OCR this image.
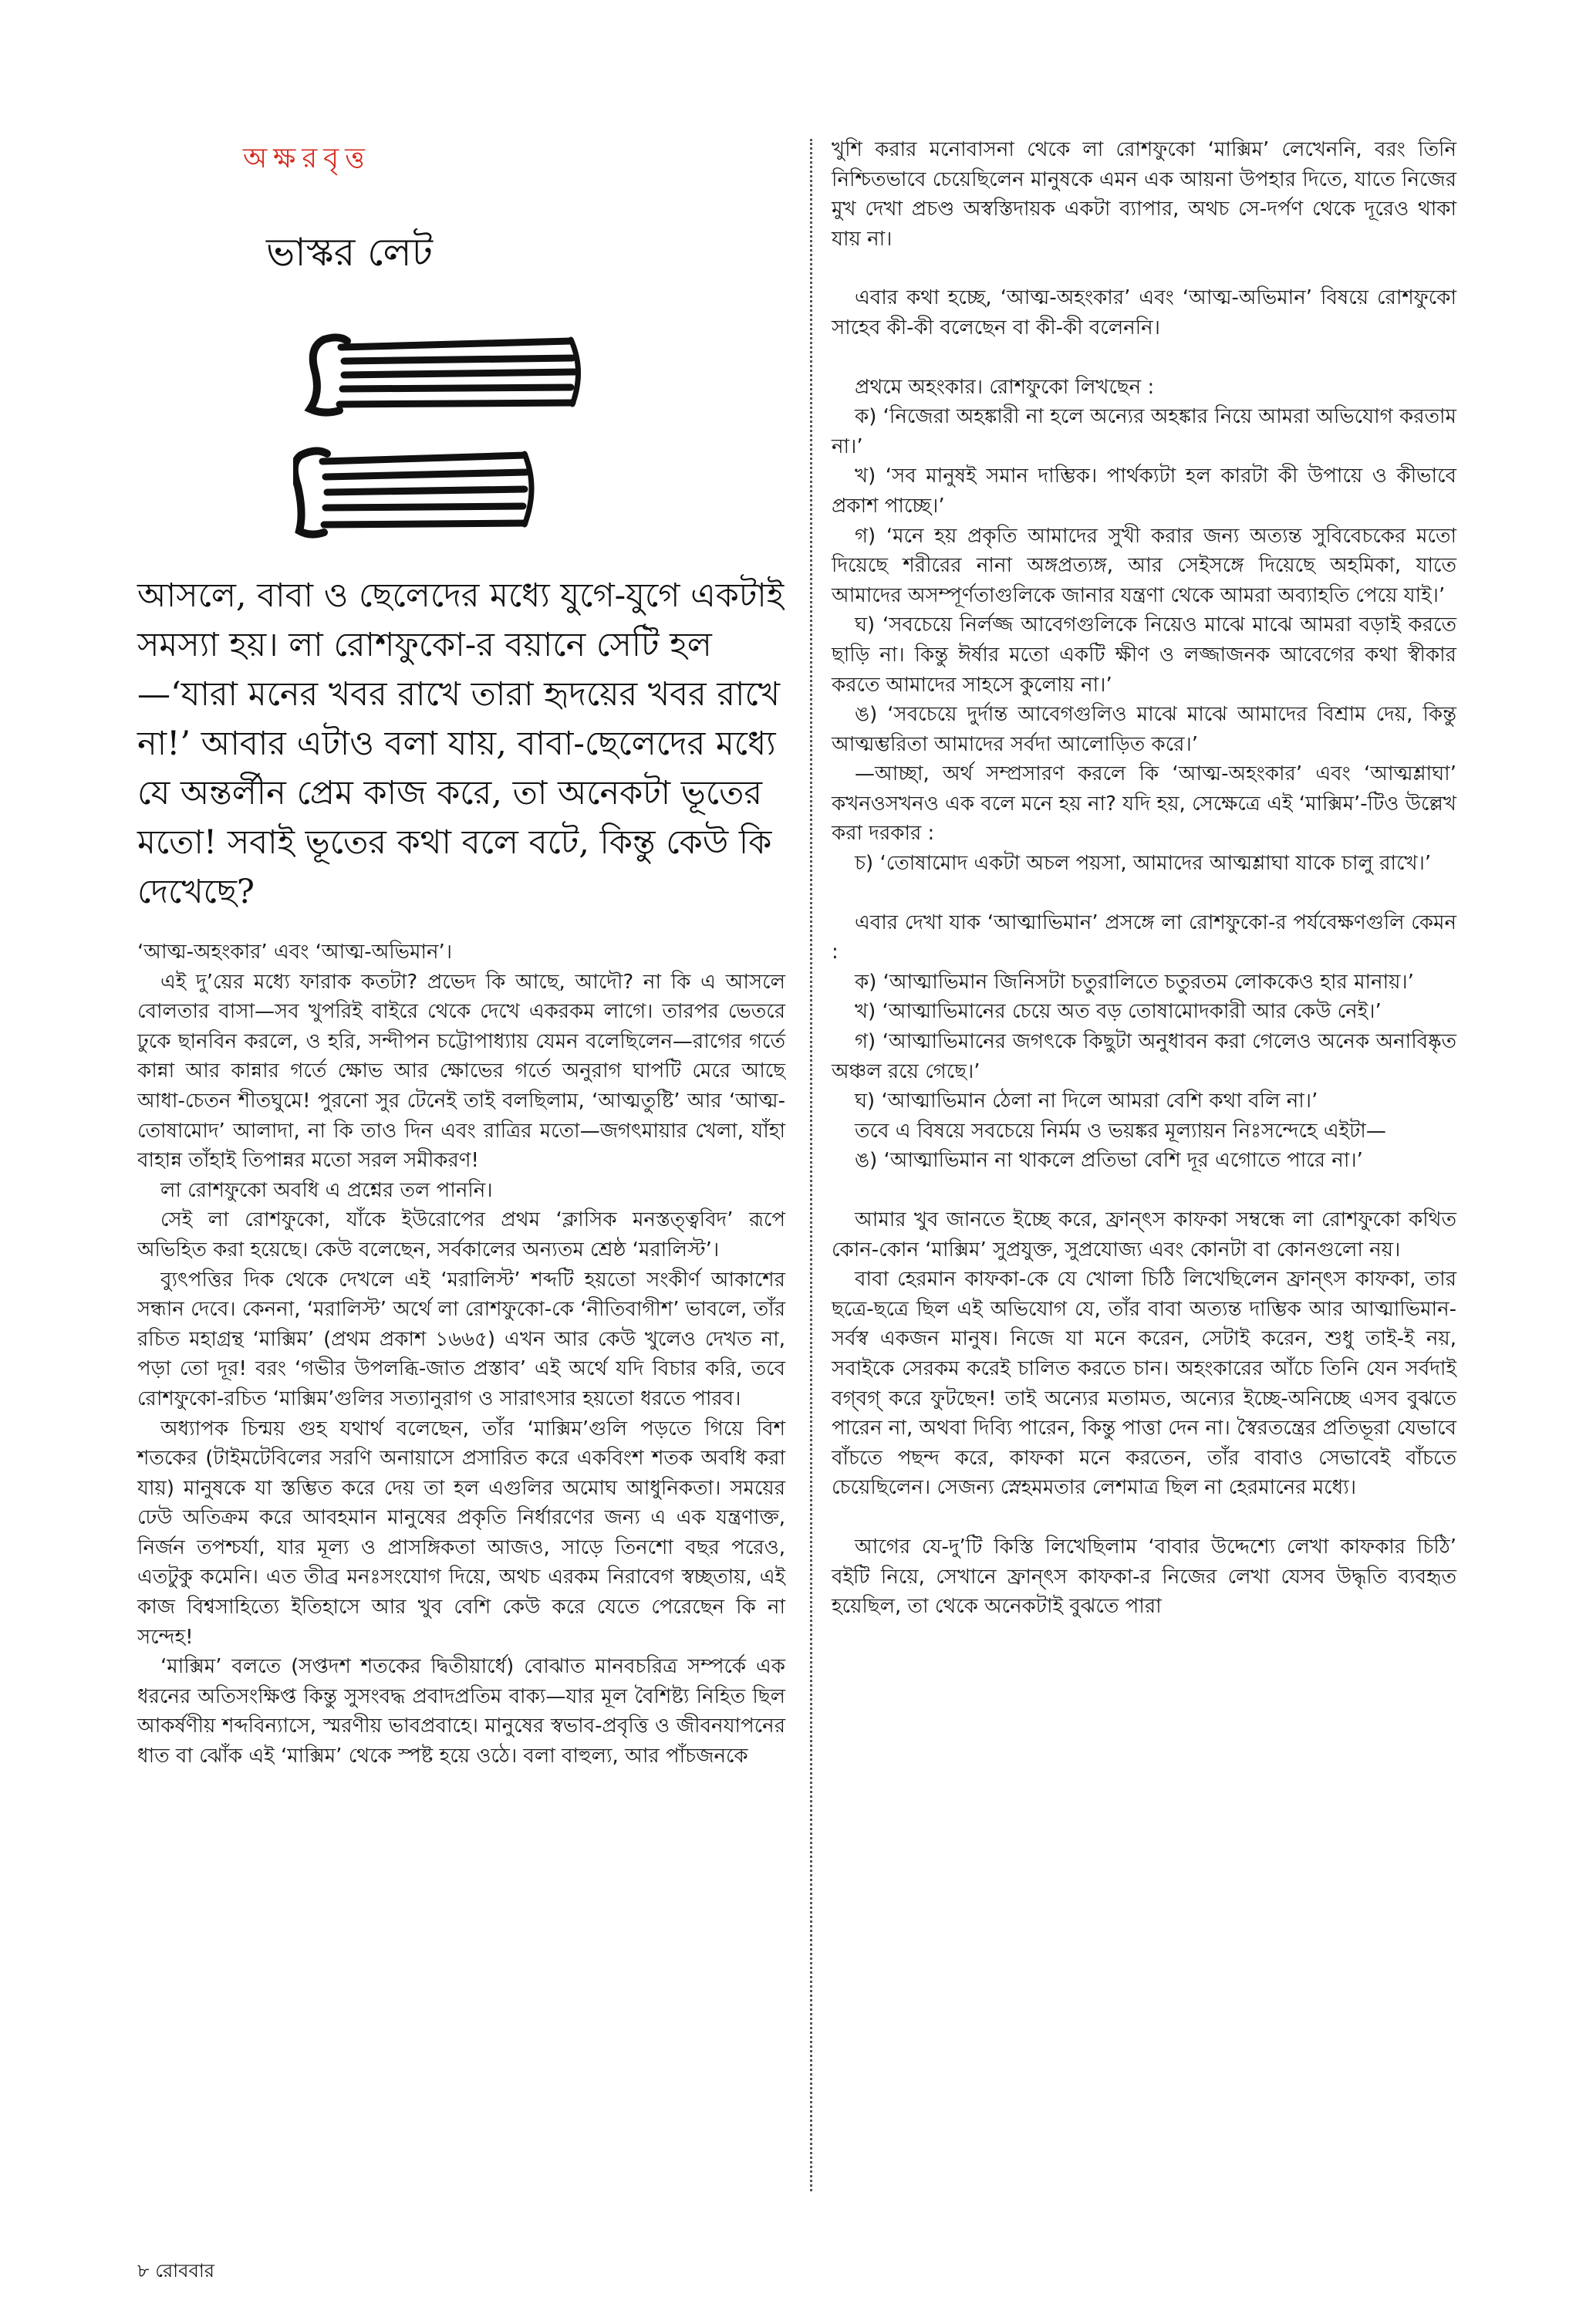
অক্ষরবৃত্ত
ভাস্কর লেট

আসলে, বাবা ও ছেলেদের মধ্যে যুগে-যুগে একটাই সমস্যা হয়। লা রোশফুকো-র বয়ানে সেটি হল—‘যারা মনের খবর রাখে তারা হৃদয়ের খবর রাখে না!’ আবার এটাও বলা যায়, বাবা-ছেলেদের মধ্যে যে অন্তর্লীন প্রেম কাজ করে, তা অনেকটা ভূতের মতো! সবাই ভূতের কথা বলে বটে, কিন্তু কেউ কি দেখেছে?

‘আত্ম-অহংকার’ এবং ‘আত্ম-অভিমান’।

এই দু’য়ের মধ্যে ফারাক কতটা? প্রভেদ কি আছে, আদৌ? না কি এ আসলে বোলতার বাসা—সব খুপরিই বাইরে থেকে দেখে একরকম লাগে। তারপর ভেতরে ঢুকে ছানবিন করলে, ও হরি, সন্দীপন চট্টোপাধ্যায় যেমন বলেছিলেন—রাগের গর্তে কান্না আর কান্নার গর্তে ক্ষোভ আর ক্ষোভের গর্তে অনুরাগ ঘাপটি মেরে আছে আধা-চেতন শীতঘুমে! পুরনো সুর টেনেই তাই বলছিলাম, ‘আত্মতুষ্টি’ আর ‘আত্ম-তোষামোদ’ আলাদা, না কি তাও দিন এবং রাত্রির মতো—জগৎমায়ার খেলা, যাঁহা বাহান্ন তাঁহাই তিপান্নর মতো সরল সমীকরণ!

লা রোশফুকো অবধি এ প্রশ্নের তল পাননি।

সেই লা রোশফুকো, যাঁকে ইউরোপের প্রথম ‘ক্লাসিক মনস্তত্ত্ববিদ’ রূপে অভিহিত করা হয়েছে। কেউ বলেছেন, সর্বকালের অন্যতম শ্রেষ্ঠ ‘মরালিস্ট’।

ব্যুৎপত্তির দিক থেকে দেখলে এই ‘মরালিস্ট’ শব্দটি হয়তো সংকীর্ণ আকাশের সন্ধান দেবে। কেননা, ‘মরালিস্ট’ অর্থে লা রোশফুকো-কে ‘নীতিবাগীশ’ ভাবলে, তাঁর রচিত মহাগ্রন্থ ‘মাক্সিম’ (প্রথম প্রকাশ ১৬৬৫) এখন আর কেউ খুলেও দেখত না, পড়া তো দূর! বরং ‘গভীর উপলব্ধি-জাত প্রস্তাব’ এই অর্থে যদি বিচার করি, তবে রোশফুকো-রচিত ‘মাক্সিম’গুলির সত্যানুরাগ ও সারাৎসার হয়তো ধরতে পারব।

অধ্যাপক চিন্ময় গুহ যথার্থ বলেছেন, তাঁর ‘মাক্সিম’গুলি পড়তে গিয়ে বিশ শতকের (টাইমটেবিলের সরণি অনায়াসে প্রসারিত করে একবিংশ শতক অবধি করা যায়) মানুষকে যা স্তম্ভিত করে দেয় তা হল এগুলির অমোঘ আধুনিকতা। সময়ের ঢেউ অতিক্রম করে আবহমান মানুষের প্রকৃতি নির্ধারণের জন্য এ এক যন্ত্রণাক্ত, নির্জন তপশ্চর্যা, যার মূল্য ও প্রাসঙ্গিকতা আজও, সাড়ে তিনশো বছর পরেও, এতটুকু কমেনি। এত তীব্র মনঃসংযোগ দিয়ে, অথচ এরকম নিরাবেগ স্বচ্ছতায়, এই কাজ বিশ্বসাহিত্যে ইতিহাসে আর খুব বেশি কেউ করে যেতে পেরেছেন কি না সন্দেহ!

‘মাক্সিম’ বলতে (সপ্তদশ শতকের দ্বিতীয়ার্ধে) বোঝাত মানবচরিত্র সম্পর্কে এক ধরনের অতিসংক্ষিপ্ত কিন্তু সুসংবদ্ধ প্রবাদপ্রতিম বাক্য—যার মূল বৈশিষ্ট্য নিহিত ছিল আকর্ষণীয় শব্দবিন্যাসে, স্মরণীয় ভাবপ্রবাহে। মানুষের স্বভাব-প্রবৃত্তি ও জীবনযাপনের ধাত বা ঝোঁক এই ‘মাক্সিম’ থেকে স্পষ্ট হয়ে ওঠে। বলা বাহুল্য, আর পাঁচজনকে

খুশি করার মনোবাসনা থেকে লা রোশফুকো ‘মাক্সিম’ লেখেননি, বরং তিনি নিশ্চিতভাবে চেয়েছিলেন মানুষকে এমন এক আয়না উপহার দিতে, যাতে নিজের মুখ দেখা প্রচণ্ড অস্বস্তিদায়ক একটা ব্যাপার, অথচ সে-দর্পণ থেকে দূরেও থাকা যায় না।

এবার কথা হচ্ছে, ‘আত্ম-অহংকার’ এবং ‘আত্ম-অভিমান’ বিষয়ে রোশফুকো সাহেব কী-কী বলেছেন বা কী-কী বলেননি।

প্রথমে অহংকার। রোশফুকো লিখছেন :

ক) ‘নিজেরা অহঙ্কারী না হলে অন্যের অহঙ্কার নিয়ে আমরা অভিযোগ করতাম না।’

খ) ‘সব মানুষই সমান দাম্ভিক। পার্থক্যটা হল কারটা কী উপায়ে ও কীভাবে প্রকাশ পাচ্ছে।’

গ) ‘মনে হয় প্রকৃতি আমাদের সুখী করার জন্য অত্যন্ত সুবিবেচকের মতো দিয়েছে শরীরের নানা অঙ্গপ্রত্যঙ্গ, আর সেইসঙ্গে দিয়েছে অহমিকা, যাতে আমাদের অসম্পূর্ণতাগুলিকে জানার যন্ত্রণা থেকে আমরা অব্যাহতি পেয়ে যাই।’

ঘ) ‘সবচেয়ে নির্লজ্জ আবেগগুলিকে নিয়েও মাঝে মাঝে আমরা বড়াই করতে ছাড়ি না। কিন্তু ঈর্ষার মতো একটি ক্ষীণ ও লজ্জাজনক আবেগের কথা স্বীকার করতে আমাদের সাহসে কুলোয় না।’

ঙ) ‘সবচেয়ে দুর্দান্ত আবেগগুলিও মাঝে মাঝে আমাদের বিশ্রাম দেয়, কিন্তু আত্মম্ভরিতা আমাদের সর্বদা আলোড়িত করে।’

—আচ্ছা, অর্থ সম্প্রসারণ করলে কি ‘আত্ম-অহংকার’ এবং ‘আত্মশ্লাঘা’ কখনওসখনও এক বলে মনে হয় না? যদি হয়, সেক্ষেত্রে এই ‘মাক্সিম’-টিও উল্লেখ করা দরকার :

চ) ‘তোষামোদ একটা অচল পয়সা, আমাদের আত্মশ্লাঘা যাকে চালু রাখে।’

এবার দেখা যাক ‘আত্মাভিমান’ প্রসঙ্গে লা রোশফুকো-র পর্যবেক্ষণগুলি কেমন :

ক) ‘আত্মাভিমান জিনিসটা চতুরালিতে চতুরতম লোককেও হার মানায়।’

খ) ‘আত্মাভিমানের চেয়ে অত বড় তোষামোদকারী আর কেউ নেই।’

গ) ‘আত্মাভিমানের জগৎকে কিছুটা অনুধাবন করা গেলেও অনেক অনাবিষ্কৃত অঞ্চল রয়ে গেছে।’

ঘ) ‘আত্মাভিমান ঠেলা না দিলে আমরা বেশি কথা বলি না।’

তবে এ বিষয়ে সবচেয়ে নির্মম ও ভয়ঙ্কর মূল্যায়ন নিঃসন্দেহে এইটা—

ঙ) ‘আত্মাভিমান না থাকলে প্রতিভা বেশি দূর এগোতে পারে না।’

আমার খুব জানতে ইচ্ছে করে, ফ্রান্‌ৎস কাফকা সম্বন্ধে লা রোশফুকো কথিত কোন-কোন ‘মাক্সিম’ সুপ্রযুক্ত, সুপ্রযোজ্য এবং কোনটা বা কোনগুলো নয়।

বাবা হেরমান কাফকা-কে যে খোলা চিঠি লিখেছিলেন ফ্রান্‌ৎস কাফকা, তার ছত্রে-ছত্রে ছিল এই অভিযোগ যে, তাঁর বাবা অত্যন্ত দাম্ভিক আর আত্মাভিমান-সর্বস্ব একজন মানুষ। নিজে যা মনে করেন, সেটাই করেন, শুধু তাই-ই নয়, সবাইকে সেরকম করেই চালিত করতে চান। অহংকারের আঁচে তিনি যেন সর্বদাই বগ্‌বগ্ করে ফুটছেন! তাই অন্যের মতামত, অন্যের ইচ্ছে-অনিচ্ছে এসব বুঝতে পারেন না, অথবা দিব্যি পারেন, কিন্তু পাত্তা দেন না। স্বৈরতন্ত্রের প্রতিভূরা যেভাবে বাঁচতে পছন্দ করে, কাফকা মনে করতেন, তাঁর বাবাও সেভাবেই বাঁচতে চেয়েছিলেন। সেজন্য স্নেহমমতার লেশমাত্র ছিল না হেরমানের মধ্যে।

আগের যে-দু’টি কিস্তি লিখেছিলাম ‘বাবার উদ্দেশ্যে লেখা কাফকার চিঠি’ বইটি নিয়ে, সেখানে ফ্রান্‌ৎস কাফকা-র নিজের লেখা যেসব উদ্ধৃতি ব্যবহৃত হয়েছিল, তা থেকে অনেকটাই বুঝতে পারা

৮ রোববার
